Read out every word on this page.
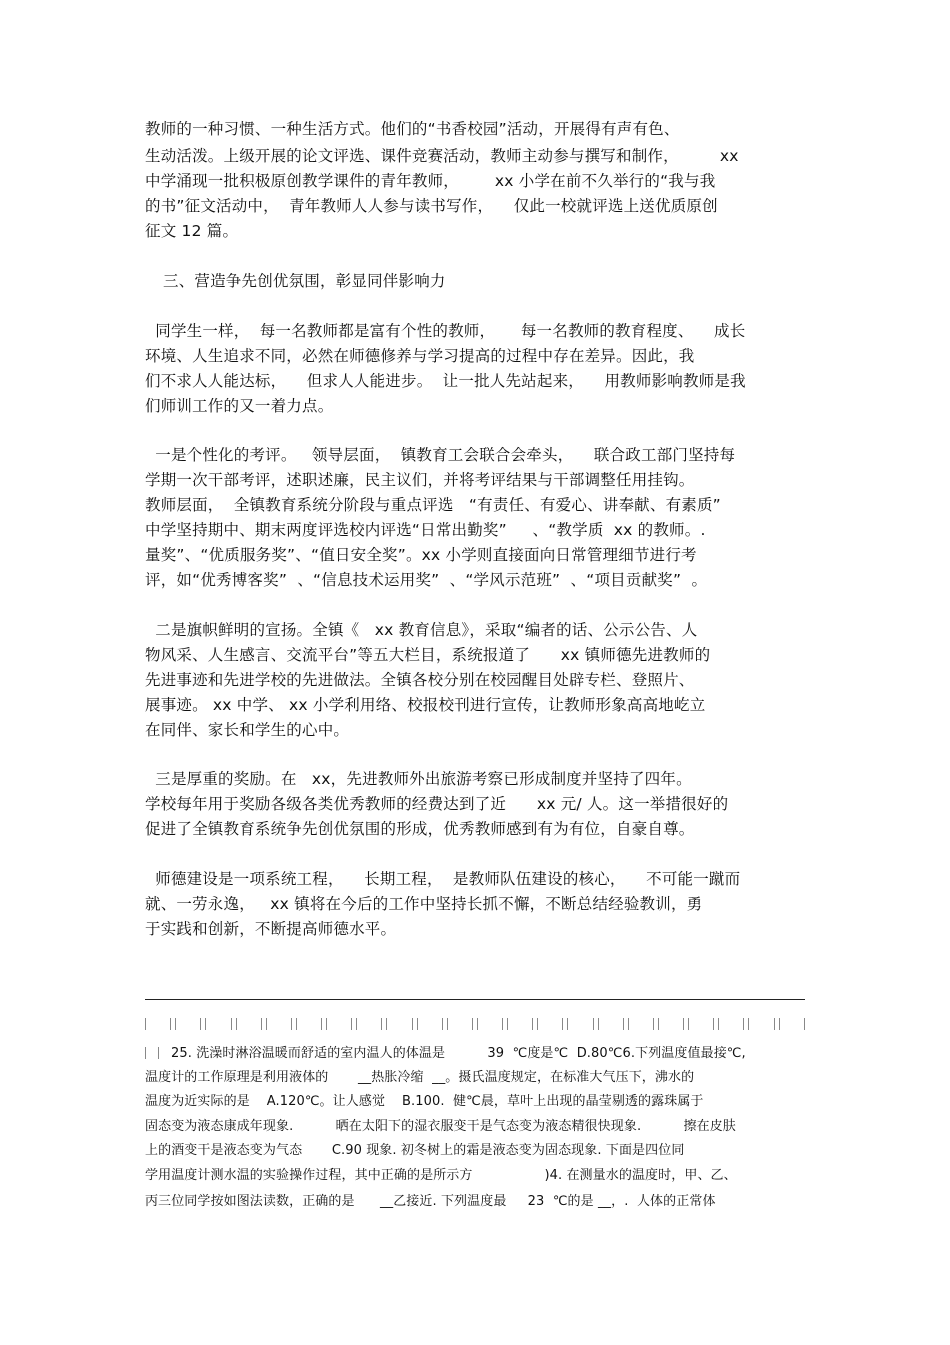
教师的一种习惯、一种生活方式。他们的“书香校园”活动，开展得有声有色、
生动活泼。上级开展的论文评选、课件竞赛活动，教师主动参与撰写和制作，        xx
中学涌现一批积极原创教学课件的青年教师，       xx 小学在前不久举行的“我与我
的书”征文活动中，  青年教师人人参与读书写作，    仅此一校就评选上送优质原创
征文 12 篇。
三、营造争先创优氛围，彰显同伴影响力
同学生一样，  每一名教师都是富有个性的教师，     每一名教师的教育程度、    成长
环境、人生追求不同，必然在师德修养与学习提高的过程中存在差异。因此，我
们不求人人能达标，    但求人人能进步。  让一批人先站起来，    用教师影响教师是我
们师训工作的又一着力点。
一是个性化的考评。   领导层面，  镇教育工会联合会牵头，    联合政工部门坚持每
学期一次干部考评，述职述廉，民主议们，并将考评结果与干部调整任用挂钩。
教师层面，  全镇教育系统分阶段与重点评选   “有责任、有爱心、讲奉献、有素质”
中学坚持期中、期末两度评选校内评选“日常出勤奖”     、“教学质  xx 的教师。.
量奖”、“优质服务奖”、“值日安全奖”。xx 小学则直接面向日常管理细节进行考
评，如“优秀博客奖”  、“信息技术运用奖”  、“学风示范班”  、“项目贡献奖”  。
二是旗帜鲜明的宣扬。全镇《   xx 教育信息》，采取“编者的话、公示公告、人
物风采、人生感言、交流平台”等五大栏目，系统报道了      xx 镇师德先进教师的
先进事迹和先进学校的先进做法。全镇各校分别在校园醒目处辟专栏、登照片、
展事迹。 xx 中学、 xx 小学利用络、校报校刊进行宣传，让教师形象高高地屹立
在同伴、家长和学生的心中。
三是厚重的奖励。在   xx，先进教师外出旅游考察已形成制度并坚持了四年。
学校每年用于奖励各级各类优秀教师的经费达到了近      xx 元/ 人。这一举措很好的
促进了全镇教育系统争先创优氛围的形成，优秀教师感到有为有位，自豪自尊。
师德建设是一项系统工程，    长期工程，  是教师队伍建设的核心，    不可能一蹴而
就、一劳永逸，   xx 镇将在今后的工作中坚持长抓不懈，不断总结经验教训，勇
于实践和创新，不断提高师德水平。
25. 洗澡时淋浴温暖而舒适的室内温人的体温是          39  ℃度是℃  D.80℃6.下列温度值最接℃,
温度计的工作原理是利用液体的       __热胀冷缩  __。摄氏温度规定，在标准大气压下，沸水的
温度为近实际的是    A.120℃。让人感觉    B.100.  健℃晨，草叶上出现的晶莹剔透的露珠属于
固态变为液态康成年现象.          晒在太阳下的湿衣服变干是气态变为液态精很快现象.          擦在皮肤
上的酒变干是液态变为气态       C.90 现象. 初冬树上的霜是液态变为固态现象. 下面是四位同
学用温度计测水温的实验操作过程，其中正确的是所示方                 )4. 在测量水的温度时，甲、乙、
丙三位同学按如图法读数，正确的是      __乙接近. 下列温度最     23  ℃的是 __，.  人体的正常体
